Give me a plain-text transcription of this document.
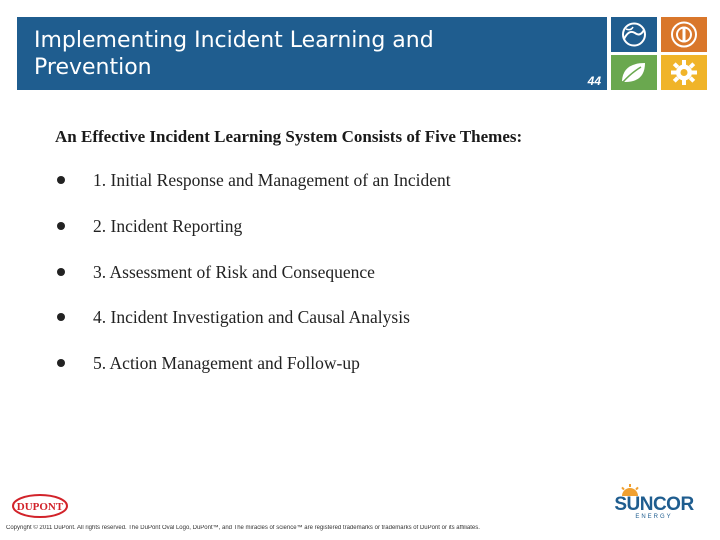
Implementing Incident Learning and Prevention
44
An Effective Incident Learning System Consists of Five Themes:
1. Initial Response and Management of an Incident
2. Incident Reporting
3. Assessment of Risk and Consequence
4. Incident Investigation and Causal Analysis
5. Action Management and Follow-up
DUPONT
Copyright © 2011 DuPont. All rights reserved. The DuPont Oval Logo, DuPont™, and The miracles of science™ are registered trademarks or trademarks of DuPont or its affiliates.
SUNCOR
ENERGY
